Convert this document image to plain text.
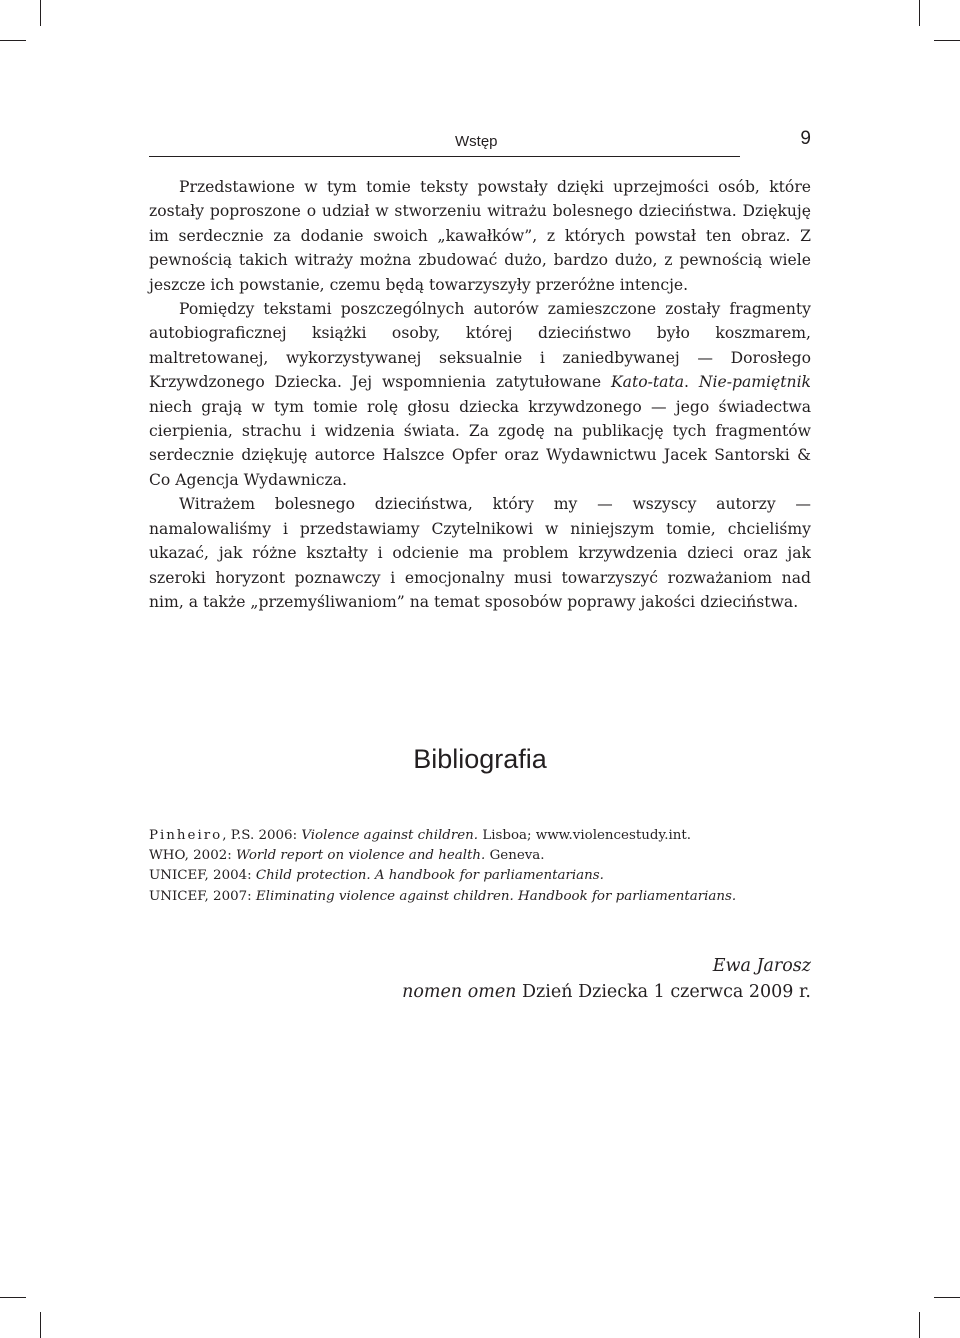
Wstęp	9

Przedstawione w tym tomie teksty powstały dzięki uprzejmości osób, które zostały poproszone o udział w stworzeniu witrażu bolesnego dzieciństwa. Dziękuję im serdecznie za dodanie swoich „kawałków”, z których powstał ten obraz. Z pewnością takich witraży można zbudować dużo, bardzo dużo, z pewnością wiele jeszcze ich powstanie, czemu będą towarzyszyły przeróżne intencje.

Pomiędzy tekstami poszczególnych autorów zamieszczone zostały fragmenty autobiograficznej książki osoby, której dzieciństwo było koszmarem, maltretowanej, wykorzystywanej seksualnie i zaniedbywanej — Dorosłego Krzywdzonego Dziecka. Jej wspomnienia zatytułowane Kato-tata. Nie-pamiętnik niech grają w tym tomie rolę głosu dziecka krzywdzonego — jego świadectwa cierpienia, strachu i widzenia świata. Za zgodę na publikację tych fragmentów serdecznie dziękuję autorce Halszce Opfer oraz Wydawnictwu Jacek Santorski & Co Agencja Wydawnicza.

Witrażem bolesnego dzieciństwa, który my — wszyscy autorzy — namalowaliśmy i przedstawiamy Czytelnikowi w niniejszym tomie, chcieliśmy ukazać, jak różne kształty i odcienie ma problem krzywdzenia dzieci oraz jak szeroki horyzont poznawczy i emocjonalny musi towarzyszyć rozważaniom nad nim, a także „przemyśliwaniom” na temat sposobów poprawy jakości dzieciństwa.

Bibliografia
Pinheiro, P.S. 2006: Violence against children. Lisboa; www.violencestudy.int.
WHO, 2002: World report on violence and health. Geneva.
UNICEF, 2004: Child protection. A handbook for parliamentarians.
UNICEF, 2007: Eliminating violence against children. Handbook for parliamentarians.
Ewa Jarosz
nomen omen Dzień Dziecka 1 czerwca 2009 r.
